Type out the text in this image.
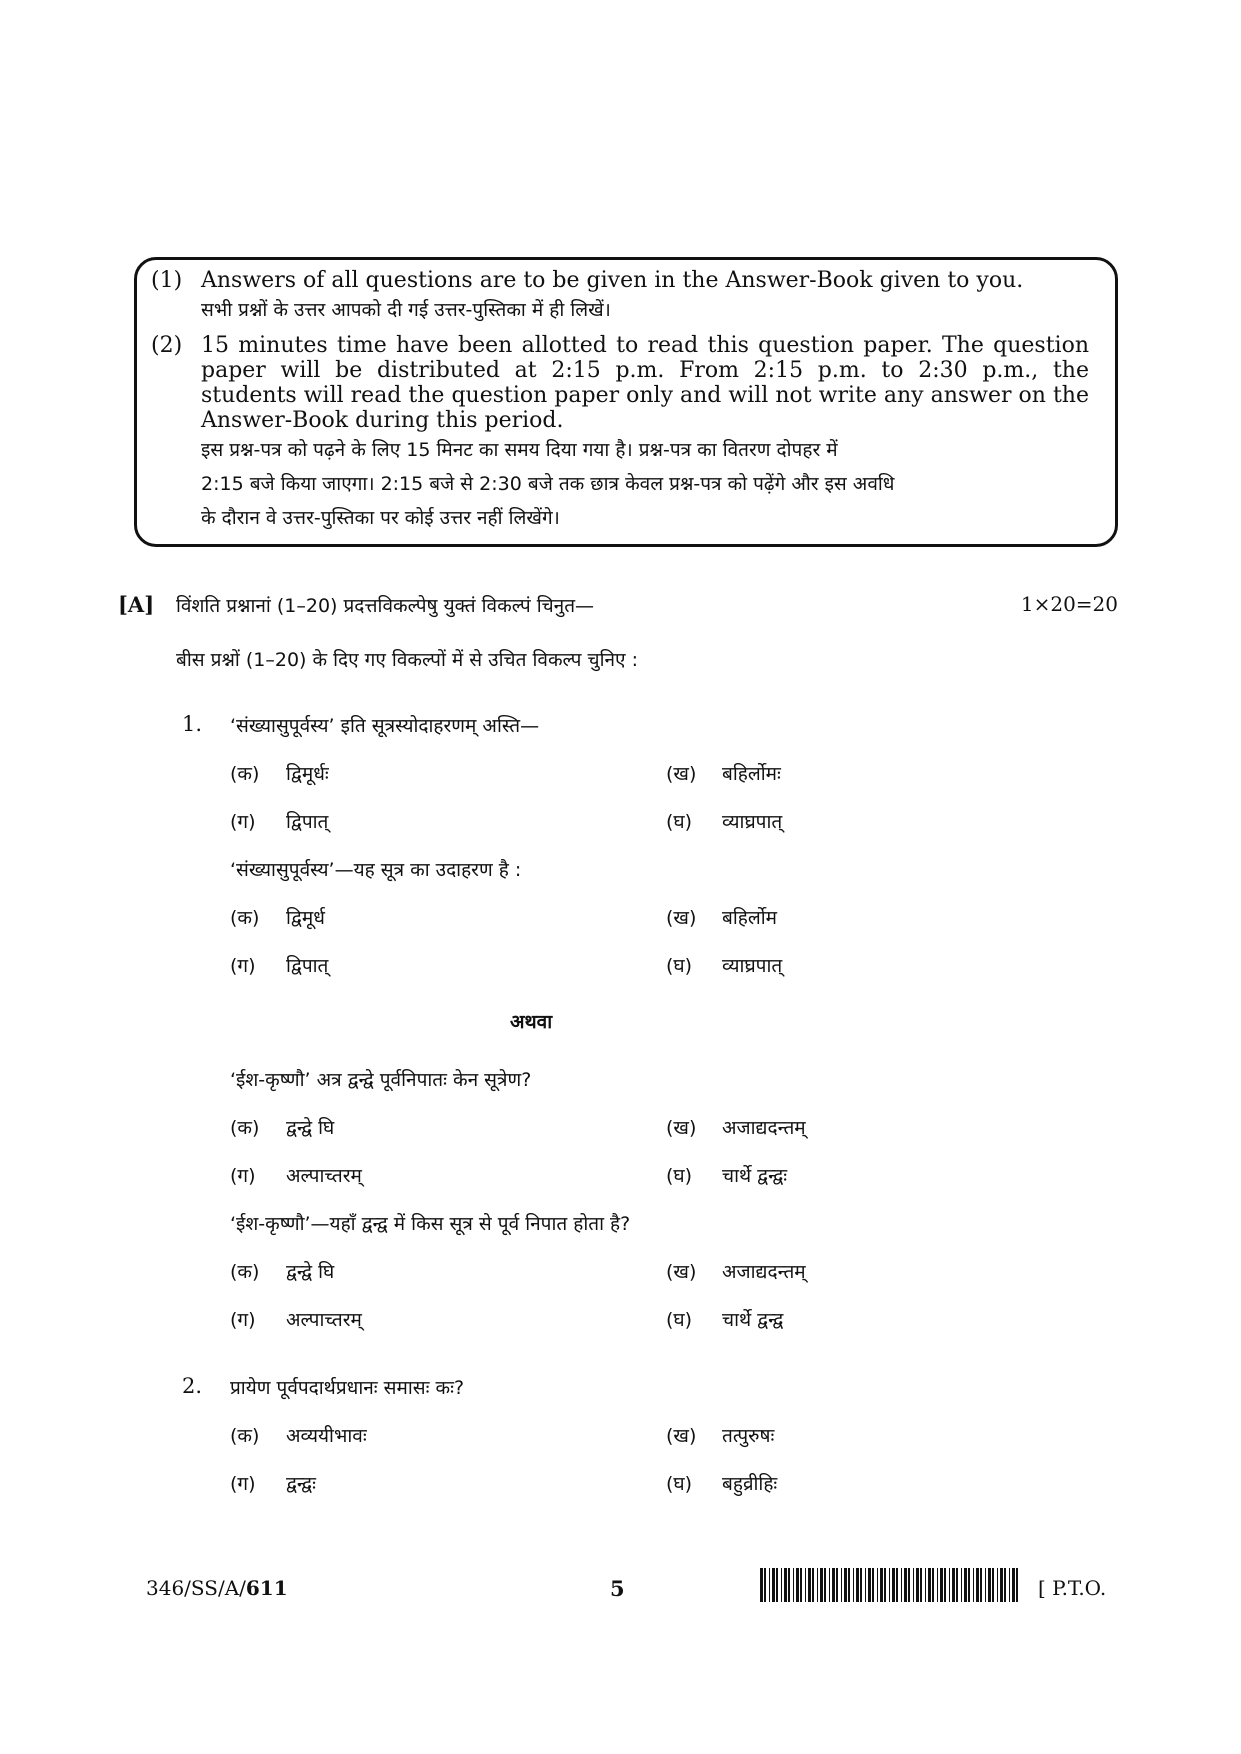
(1) Answers of all questions are to be given in the Answer-Book given to you.

सभी प्रश्नों के उत्तर आपको दी गई उत्तर-पुस्तिका में ही लिखें।

(2) 15 minutes time have been allotted to read this question paper. The question paper will be distributed at 2:15 p.m. From 2:15 p.m. to 2:30 p.m., the students will read the question paper only and will not write any answer on the Answer-Book during this period.

इस प्रश्न-पत्र को पढ़ने के लिए 15 मिनट का समय दिया गया है। प्रश्न-पत्र का वितरण दोपहर में

2:15 बजे किया जाएगा। 2:15 बजे से 2:30 बजे तक छात्र केवल प्रश्न-पत्र को पढ़ेंगे और इस अवधि

के दौरान वे उत्तर-पुस्तिका पर कोई उत्तर नहीं लिखेंगे।

[A] विंशति प्रश्नानां (1–20) प्रदत्तविकल्पेषु युक्तं विकल्पं चिनुत—	1×20=20
बीस प्रश्नों (1–20) के दिए गए विकल्पों में से उचित विकल्प चुनिए :
1. ‘संख्यासुपूर्वस्य’ इति सूत्रस्योदाहरणम् अस्ति—
(क) द्विमूर्धः	(ख) बहिर्लोमः
(ग) द्विपात्	(घ) व्याघ्रपात्
‘संख्यासुपूर्वस्य’—यह सूत्र का उदाहरण है :
(क) द्विमूर्ध	(ख) बहिर्लोम
(ग) द्विपात्	(घ) व्याघ्रपात्
अथवा
‘ईश-कृष्णौ’ अत्र द्वन्द्वे पूर्वनिपातः केन सूत्रेण?
(क) द्वन्द्वे घि	(ख) अजाद्यदन्तम्
(ग) अल्पाच्तरम्	(घ) चार्थे द्वन्द्वः
‘ईश-कृष्णौ’—यहाँ द्वन्द्व में किस सूत्र से पूर्व निपात होता है?
(क) द्वन्द्वे घि	(ख) अजाद्यदन्तम्
(ग) अल्पाच्तरम्	(घ) चार्थे द्वन्द्व
2. प्रायेण पूर्वपदार्थप्रधानः समासः कः?
(क) अव्ययीभावः	(ख) तत्पुरुषः
(ग) द्वन्द्वः	(घ) बहुव्रीहिः
346/SS/A/611	5	[ P.T.O.
